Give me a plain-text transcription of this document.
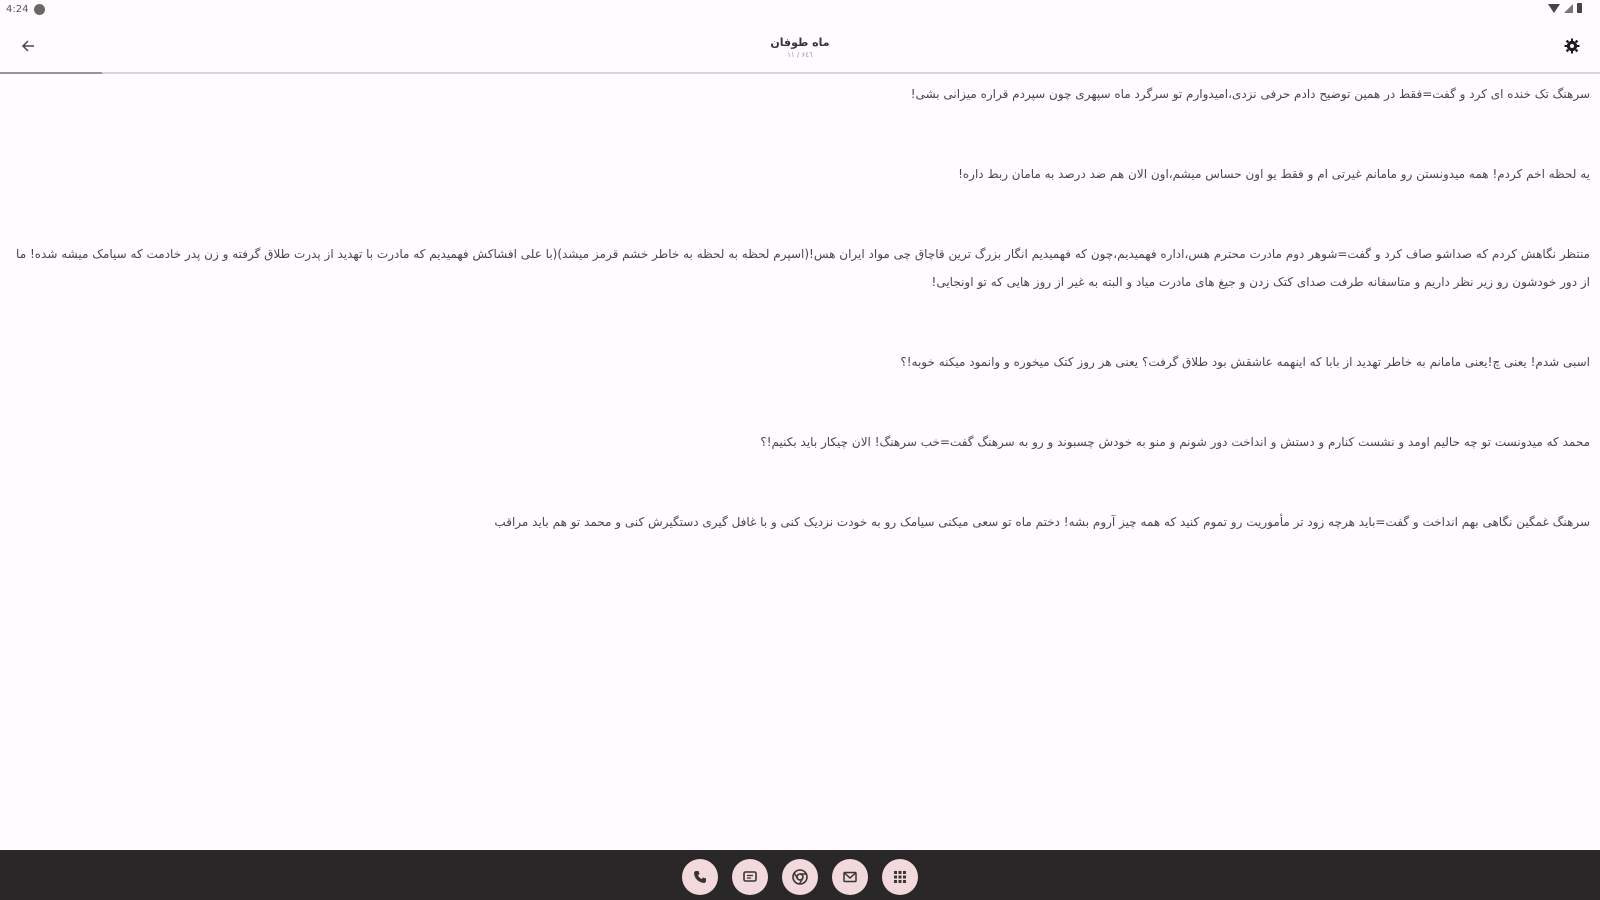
4:24
ماه طوفان
۱۱ / ۶٤٦

سرهنگ تک خنده ای کرد و گفت=فقط در همین توضیح دادم حرفی نزدی،امیدوارم تو سرگرد ماه سپهری چون سپردم قراره میزانی بشی!

یه لحظه اخم کردم! همه میدونستن رو مامانم غیرتی ام و فقط یو اون حساس میشم،اون الان هم ضد درصد به مامان ربط داره!

منتظر نگاهش کردم که صداشو صاف کرد و گفت=شوهر دوم مادرت محترم هس،اداره فهمیدیم،چون که فهمیدیم انگار بزرگ ترین قاچاق چی مواد ایران هس!(اسپرم لحظه به لحظه به خاطر خشم قرمز میشد)(با علی افشاکش فهمیدیم که مادرت با تهدید از پدرت طلاق گرفته و زن پدر خادمت که سیامک میشه شده! ما از دور خودشون رو زیر نظر داریم و متاسفانه طرفت صدای کتک زدن و جیغ های مادرت میاد و البته به غیر از روز هایی که تو اونجایی!

اسبی شدم! یعنی چ!یعنی مامانم به خاطر تهدید از بابا که اینهمه عاشقش بود طلاق گرفت؟ یعنی هر روز کتک میخوره و وانمود میکنه خوبه!؟

محمد که میدونست تو چه حالیم اومد و نشست کنارم و دستش و انداخت دور شونم و منو به خودش چسبوند و رو به سرهنگ گفت=خب سرهنگ! الان چیکار باید بکنیم!؟

سرهنگ غمگین نگاهی بهم انداخت و گفت=باید هرچه زود تر مأموریت رو تموم کنید که همه چیز آروم بشه! دختم ماه تو سعی میکنی سیامک رو به خودت نزدیک کنی و با غافل گیری دستگیرش کنی و محمد تو هم باید مراقب
